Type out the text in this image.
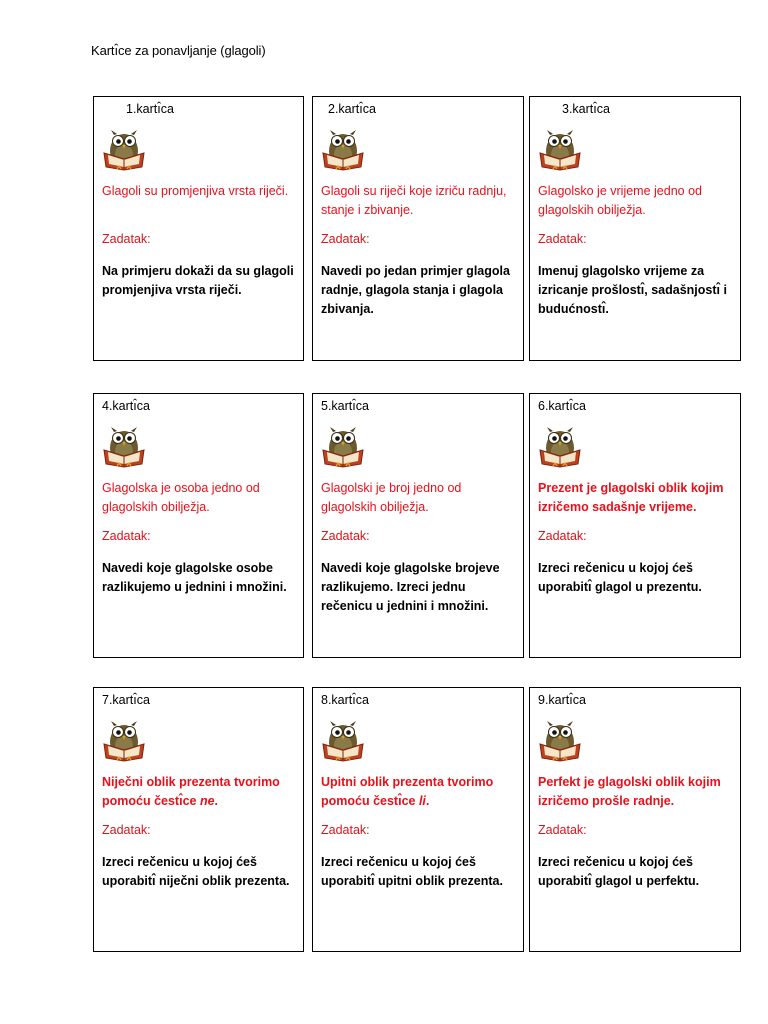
Kartı̂ce za ponavljanje (glagoli)
1.kartı̂ca
Glagoli su promjenjiva vrsta riječi.
Zadatak:
Na primjeru dokaži da su glagoli promjenjiva vrsta riječi.
2.kartı̂ca
Glagoli su riječi koje izriču radnju, stanje i zbivanje.
Zadatak:
Navedi po jedan primjer glagola radnje, glagola stanja i glagola zbivanja.
3.kartı̂ca
Glagolsko je vrijeme jedno od glagolskih obilježja.
Zadatak:
Imenuj glagolsko vrijeme za izricanje prošlostı̂, sadašnjostı̂ i budućnostı̂.
4.kartı̂ca
Glagolska je osoba jedno od glagolskih obilježja.
Zadatak:
Navedi koje glagolske osobe razlikujemo u jednini i množini.
5.kartı̂ca
Glagolski je broj jedno od glagolskih obilježja.
Zadatak:
Navedi koje glagolske brojeve razlikujemo. Izreci jednu rečenicu u jednini i množini.
6.kartı̂ca
Prezent je glagolski oblik kojim izričemo sadašnje vrijeme.
Zadatak:
Izreci rečenicu u kojoj ćeš uporabitı̂ glagol u prezentu.
7.kartı̂ca
Niječni oblik prezenta tvorimo pomoću čestı̂ce ne.
Zadatak:
Izreci rečenicu u kojoj ćeš uporabitı̂ niječni oblik prezenta.
8.kartı̂ca
Upitni oblik prezenta tvorimo pomoću čestı̂ce li.
Zadatak:
Izreci rečenicu u kojoj ćeš uporabitı̂ upitni oblik prezenta.
9.kartı̂ca
Perfekt je glagolski oblik kojim izričemo prošle radnje.
Zadatak:
Izreci rečenicu u kojoj ćeš uporabitı̂ glagol u perfektu.
